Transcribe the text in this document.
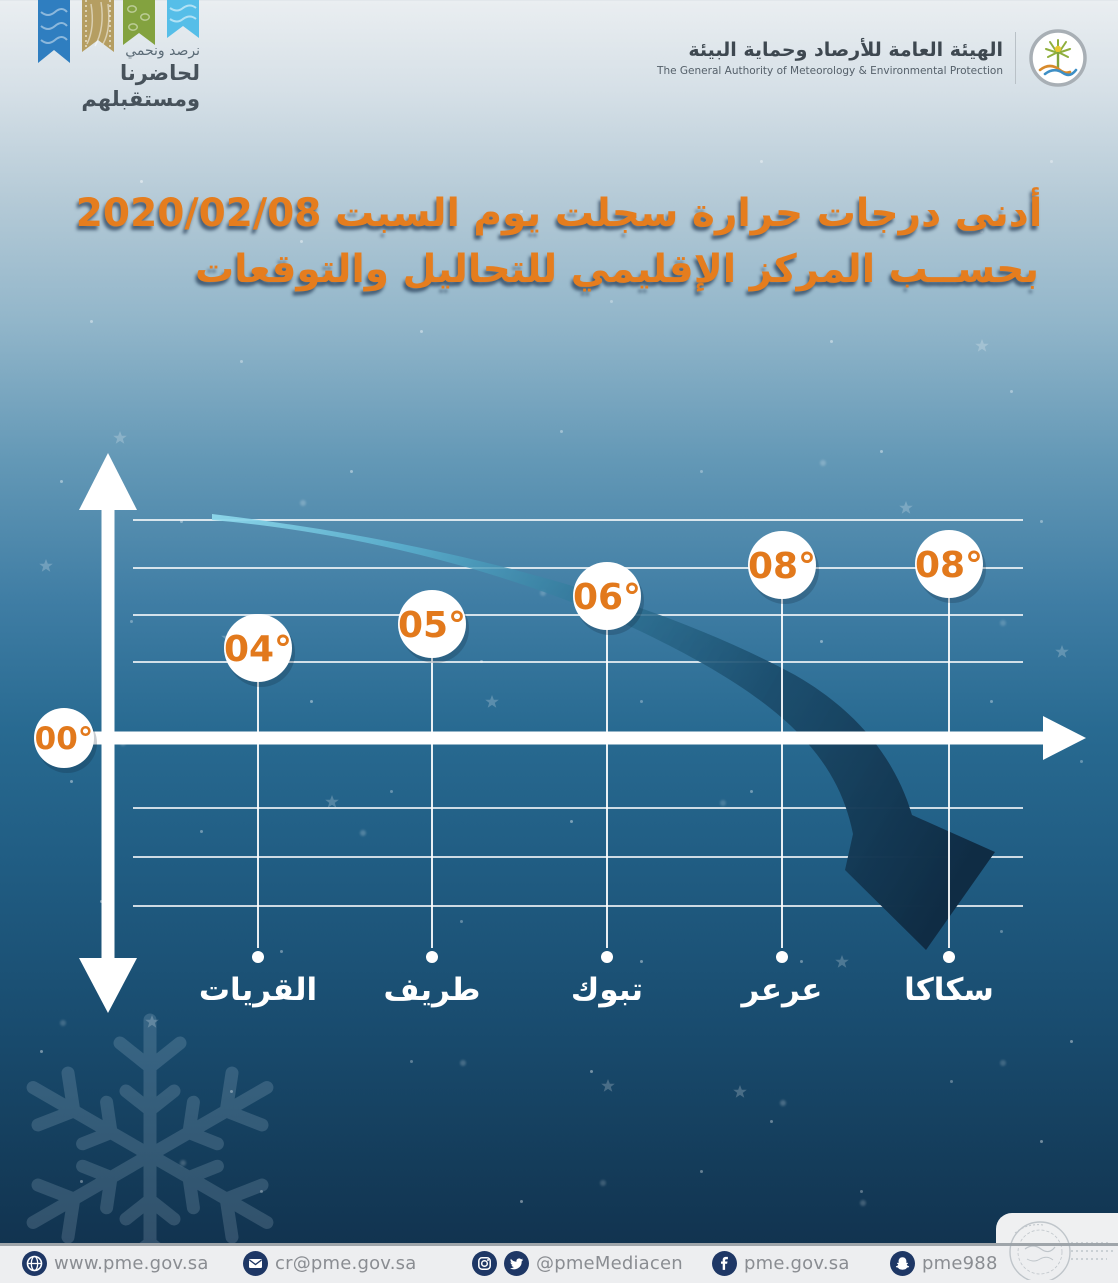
نرصد ونحمي
لحاضرنا ومستقبلهم
الهيئة العامة للأرصاد وحماية البيئة
The General Authority of Meteorology & Environmental Protection
أدنى درجات حرارة سجلت يوم السبت 2020/02/08
بحســب المركز الإقليمي للتحاليل والتوقعات
00°
04°
05°
06°
08°	08°
القريات طريف	تبوك	عرعر	سكاكا
www.pme.gov.sa	cr@pme.gov.sa	@pmeMediacen	pme.gov.sa	pme988
